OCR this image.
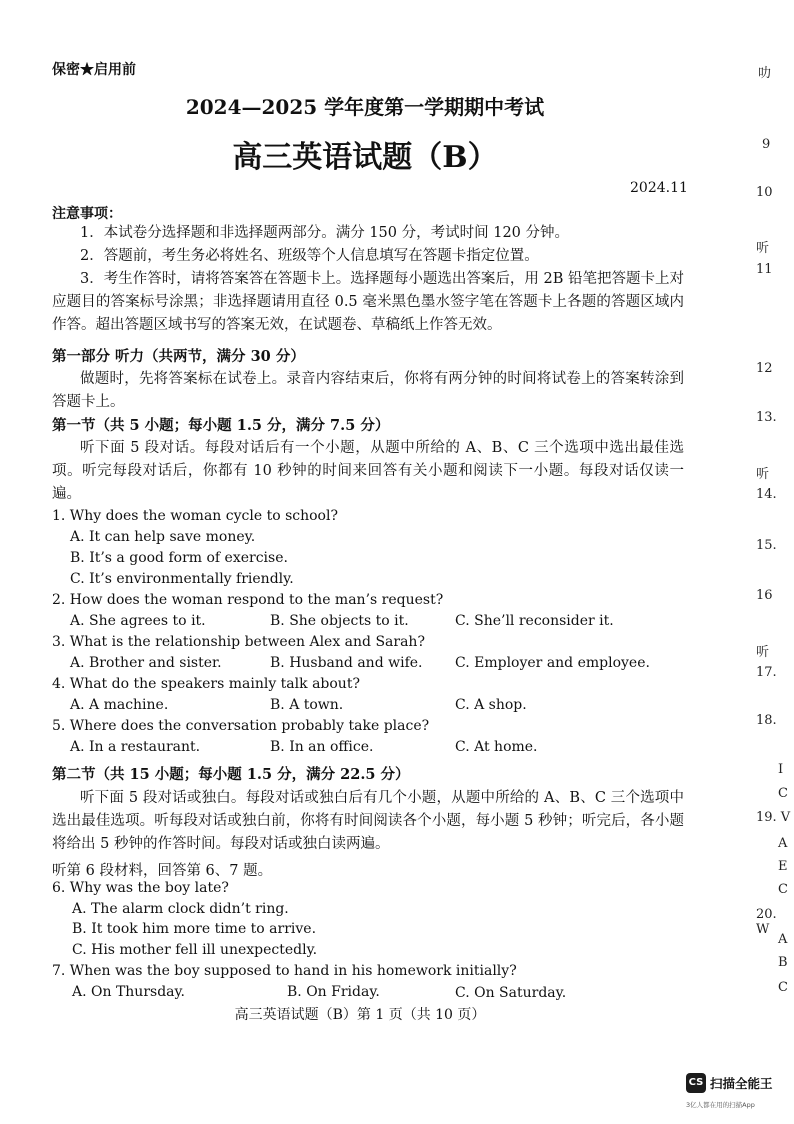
保密★启用前
2024—2025 学年度第一学期期中考试
高三英语试题（B）
2024.11
注意事项：
1．本试卷分选择题和非选择题两部分。满分 150 分，考试时间 120 分钟。
2．答题前，考生务必将姓名、班级等个人信息填写在答题卡指定位置。
3．考生作答时，请将答案答在答题卡上。选择题每小题选出答案后，用 2B 铅笔把答题卡上对应题目的答案标号涂黑；非选择题请用直径 0.5 毫米黑色墨水签字笔在答题卡上各题的答题区域内作答。超出答题区域书写的答案无效，在试题卷、草稿纸上作答无效。
第一部分 听力（共两节，满分 30 分）
做题时，先将答案标在试卷上。录音内容结束后，你将有两分钟的时间将试卷上的答案转涂到答题卡上。
第一节（共 5 小题；每小题 1.5 分，满分 7.5 分）
听下面 5 段对话。每段对话后有一个小题，从题中所给的 A、B、C 三个选项中选出最佳选项。听完每段对话后，你都有 10 秒钟的时间来回答有关小题和阅读下一小题。每段对话仅读一遍。
1. Why does the woman cycle to school?
A. It can help save money.
B. It’s a good form of exercise.
C. It’s environmentally friendly.
2. How does the woman respond to the man’s request?
A. She agrees to it.	B. She objects to it.	C. She’ll reconsider it.
3. What is the relationship between Alex and Sarah?
A. Brother and sister.	B. Husband and wife. C. Employer and employee.
4. What do the speakers mainly talk about?
A. A machine.	B. A town.	C. A shop.
5. Where does the conversation probably take place?
A. In a restaurant.	B. In an office.	C. At home.
第二节（共 15 小题；每小题 1.5 分，满分 22.5 分）
听下面 5 段对话或独白。每段对话或独白后有几个小题，从题中所给的 A、B、C 三个选项中选出最佳选项。听每段对话或独白前，你将有时间阅读各个小题，每小题 5 秒钟；听完后，各小题将给出 5 秒钟的作答时间。每段对话或独白读两遍。
听第 6 段材料，回答第 6、7 题。
6. Why was the boy late?
A. The alarm clock didn’t ring.
B. It took him more time to arrive.
C. His mother fell ill unexpectedly.
7. When was the boy supposed to hand in his homework initially?
A. On Thursday.	B. On Friday.	C. On Saturday.
高三英语试题（B）第 1 页（共 10 页）
叻
9
10
听
11
12
13.
听
14.
15.
16
听
17.
18.
I
C
19. V
A
E
C
20. W
A
B
C
CS 扫描全能王
3亿人都在用的扫描App
